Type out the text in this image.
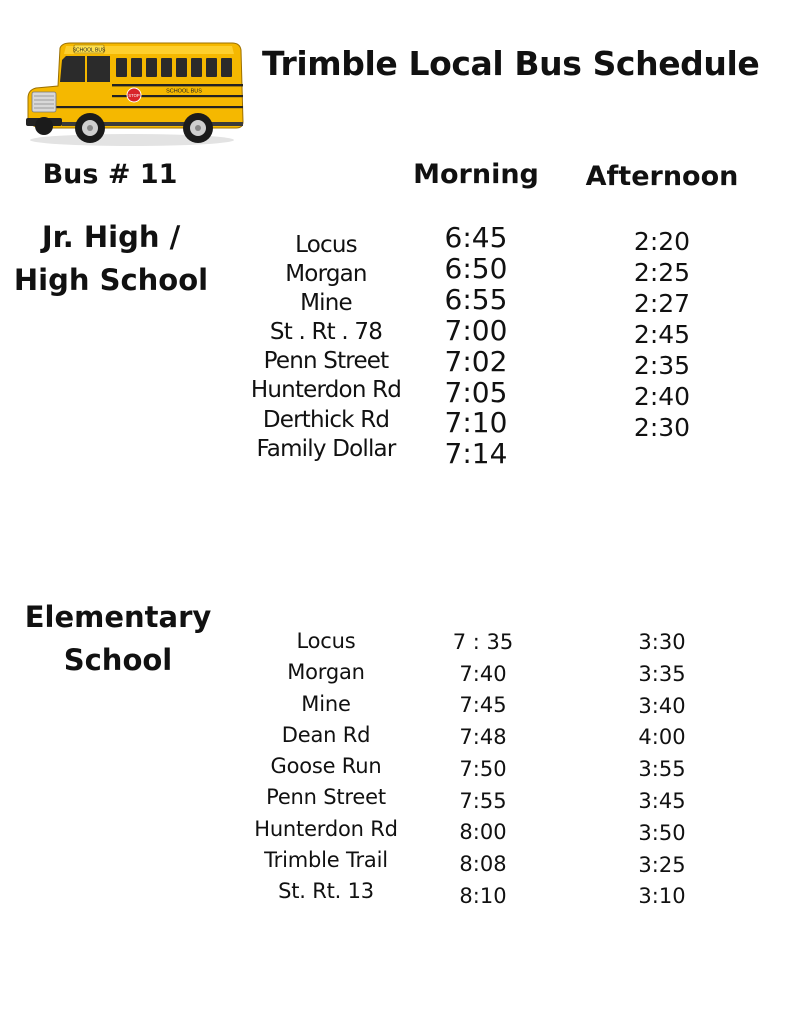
SCHOOL BUS
SCHOOL BUS
STOP
Trimble Local Bus Schedule
Bus # 11	Morning	Afternoon
Jr. High /
High School
Locus
Morgan
Mine
St . Rt . 78
Penn Street
Hunterdon Rd
Derthick Rd
Family Dollar
6:45
6:50
6:55
7:00
7:02
7:05
7:10
7:14
2:20
2:25
2:27
2:45
2:35
2:40
2:30
Elementary
School
Locus
Morgan
Mine
Dean Rd
Goose Run
Penn Street
Hunterdon Rd
Trimble Trail
St. Rt. 13
7 : 35
7:40
7:45
7:48
7:50
7:55
8:00
8:08
8:10
3:30
3:35
3:40
4:00
3:55
3:45
3:50
3:25
3:10
